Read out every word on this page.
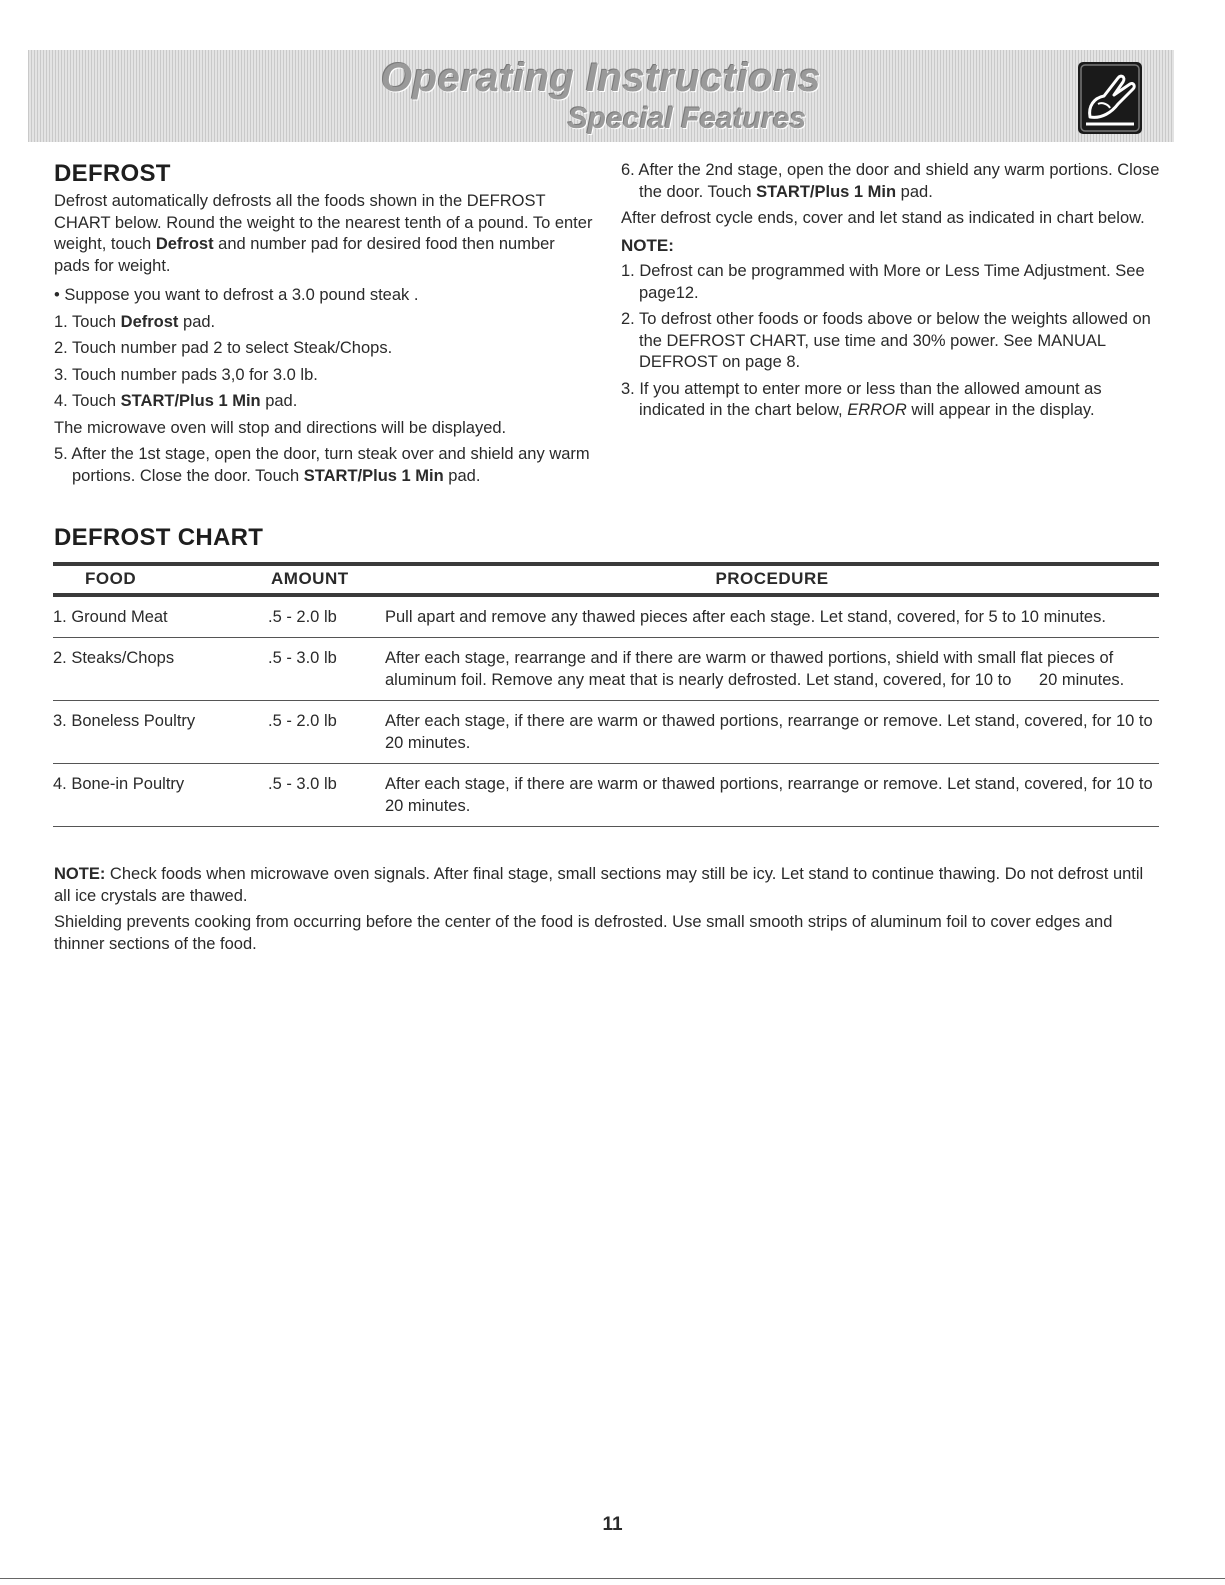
Operating Instructions
Special Features
DEFROST

Defrost automatically defrosts all the foods shown in the DEFROST CHART below. Round the weight to the nearest tenth of a pound. To enter weight, touch Defrost and number pad for desired food then number pads for weight.

• Suppose you want to defrost a 3.0 pound steak .

1. Touch Defrost pad.

2. Touch number pad 2 to select Steak/Chops.

3. Touch number pads 3,0 for 3.0 lb.

4. Touch START/Plus 1 Min pad.

The microwave oven will stop and directions will be displayed.

5. After the 1st stage, open the door, turn steak over and shield any warm portions. Close the door. Touch START/Plus 1 Min pad.

6. After the 2nd stage, open the door and shield any warm portions. Close the door. Touch START/Plus 1 Min pad.

After defrost cycle ends, cover and let stand as indicated in chart below.

NOTE:

1. Defrost can be programmed with More or Less Time Adjustment. See page12.

2. To defrost other foods or foods above or below the weights allowed on the DEFROST CHART, use time and 30% power. See MANUAL DEFROST on page 8.

3. If you attempt to enter more or less than the allowed amount as indicated in the chart below, ERROR will appear in the display.

DEFROST CHART
FOOD	AMOUNT	PROCEDURE
1. Ground Meat	.5 - 2.0 lb	Pull apart and remove any thawed pieces after each stage. Let stand, covered, for 5 to 10 minutes.
2. Steaks/Chops	.5 - 3.0 lb	After each stage, rearrange and if there are warm or thawed portions, shield with small flat pieces of aluminum foil. Remove any meat that is nearly defrosted. Let stand, covered, for 10 to      20 minutes.
3. Boneless Poultry	.5 - 2.0 lb	After each stage, if there are warm or thawed portions, rearrange or remove. Let stand, covered, for 10 to 20 minutes.
4. Bone-in Poultry	.5 - 3.0 lb	After each stage, if there are warm or thawed portions, rearrange or remove. Let stand, covered, for 10 to 20 minutes.

NOTE: Check foods when microwave oven signals. After final stage, small sections may still be icy. Let stand to continue thawing. Do not defrost until all ice crystals are thawed.

Shielding prevents cooking from occurring before the center of the food is defrosted. Use small smooth strips of aluminum foil to cover edges and thinner sections of the food.

11
